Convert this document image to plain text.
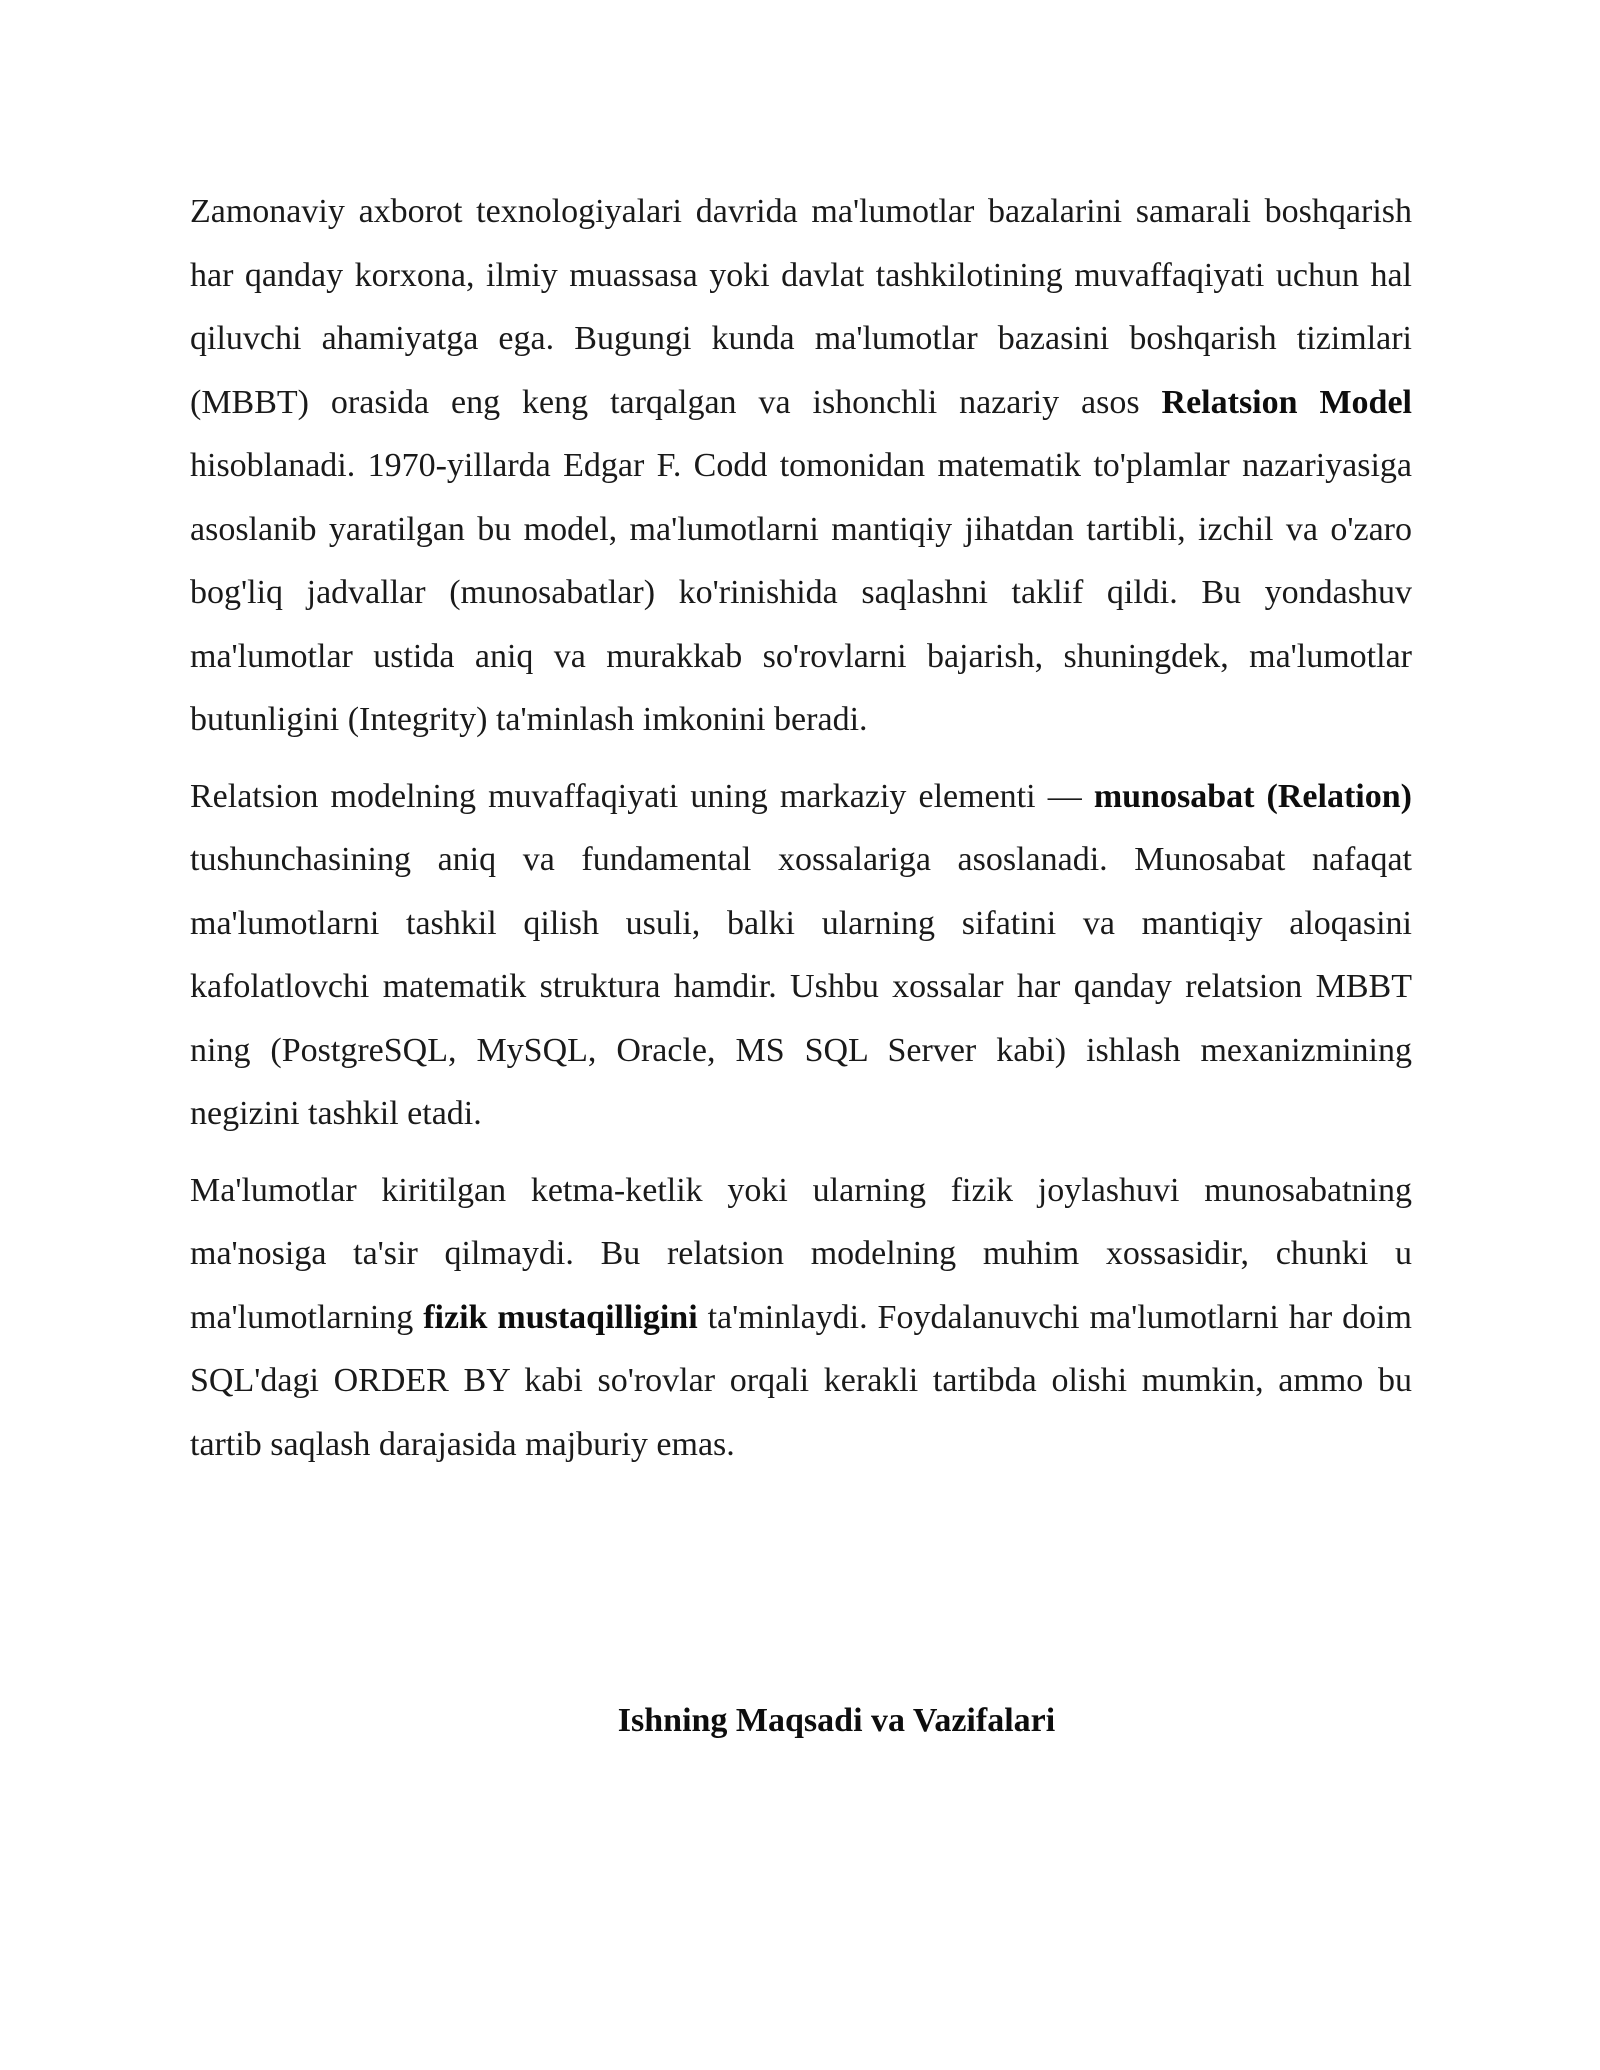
Zamonaviy axborot texnologiyalari davrida ma'lumotlar bazalarini samarali boshqarish har qanday korxona, ilmiy muassasa yoki davlat tashkilotining muvaffaqiyati uchun hal qiluvchi ahamiyatga ega. Bugungi kunda ma'lumotlar bazasini boshqarish tizimlari (MBBT) orasida eng keng tarqalgan va ishonchli nazariy asos Relatsion Model hisoblanadi. 1970-yillarda Edgar F. Codd tomonidan matematik to'plamlar nazariyasiga asoslanib yaratilgan bu model, ma'lumotlarni mantiqiy jihatdan tartibli, izchil va o'zaro bog'liq jadvallar (munosabatlar) ko'rinishida saqlashni taklif qildi. Bu yondashuv ma'lumotlar ustida aniq va murakkab so'rovlarni bajarish, shuningdek, ma'lumotlar butunligini (Integrity) ta'minlash imkonini beradi.

Relatsion modelning muvaffaqiyati uning markaziy elementi — munosabat (Relation) tushunchasining aniq va fundamental xossalariga asoslanadi. Munosabat nafaqat ma'lumotlarni tashkil qilish usuli, balki ularning sifatini va mantiqiy aloqasini kafolatlovchi matematik struktura hamdir. Ushbu xossalar har qanday relatsion MBBT ning (PostgreSQL, MySQL, Oracle, MS SQL Server kabi) ishlash mexanizmining negizini tashkil etadi.

Ma'lumotlar kiritilgan ketma-ketlik yoki ularning fizik joylashuvi munosabatning ma'nosiga ta'sir qilmaydi. Bu relatsion modelning muhim xossasidir, chunki u ma'lumotlarning fizik mustaqilligini ta'minlaydi. Foydalanuvchi ma'lumotlarni har doim SQL'dagi ORDER BY kabi so'rovlar orqali kerakli tartibda olishi mumkin, ammo bu tartib saqlash darajasida majburiy emas.

Ishning Maqsadi va Vazifalari
